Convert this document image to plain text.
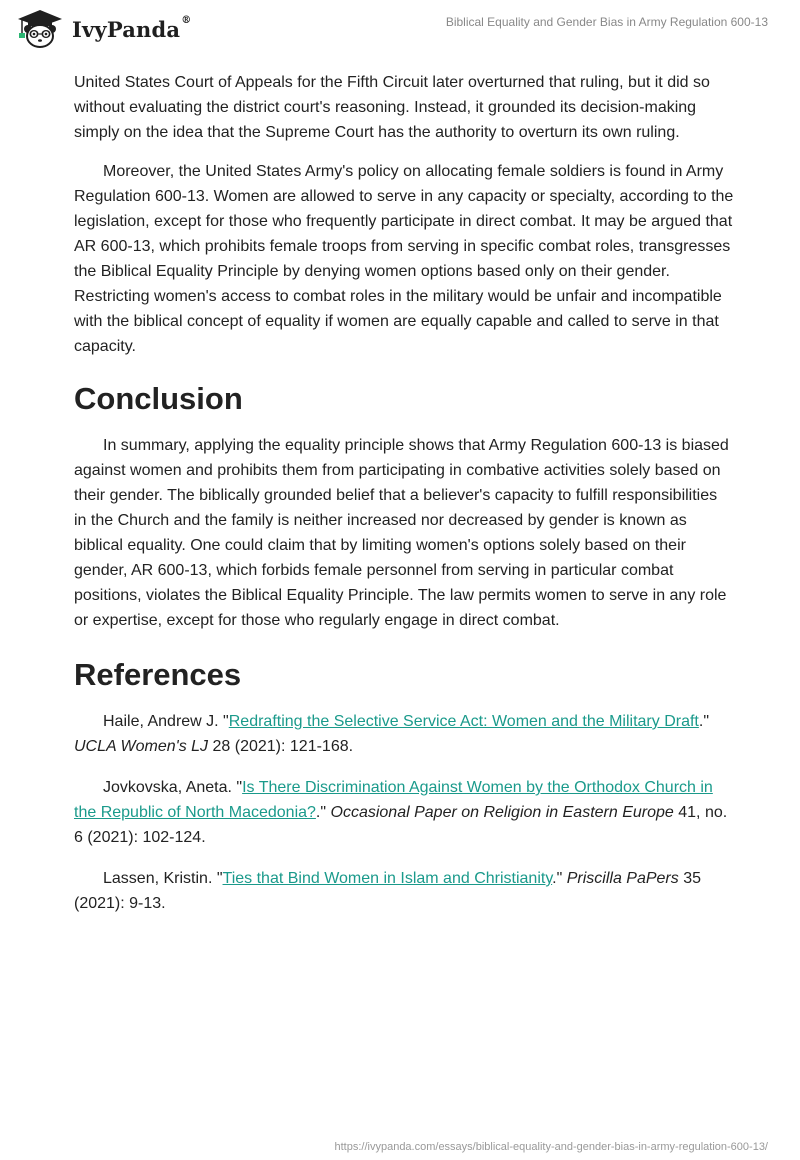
IvyPanda®	Biblical Equality and Gender Bias in Army Regulation 600-13

United States Court of Appeals for the Fifth Circuit later overturned that ruling, but it did so without evaluating the district court's reasoning. Instead, it grounded its decision-making simply on the idea that the Supreme Court has the authority to overturn its own ruling.

Moreover, the United States Army's policy on allocating female soldiers is found in Army Regulation 600-13. Women are allowed to serve in any capacity or specialty, according to the legislation, except for those who frequently participate in direct combat. It may be argued that AR 600-13, which prohibits female troops from serving in specific combat roles, transgresses the Biblical Equality Principle by denying women options based only on their gender. Restricting women's access to combat roles in the military would be unfair and incompatible with the biblical concept of equality if women are equally capable and called to serve in that capacity.

Conclusion

In summary, applying the equality principle shows that Army Regulation 600-13 is biased against women and prohibits them from participating in combative activities solely based on their gender. The biblically grounded belief that a believer's capacity to fulfill responsibilities in the Church and the family is neither increased nor decreased by gender is known as biblical equality. One could claim that by limiting women's options solely based on their gender, AR 600-13, which forbids female personnel from serving in particular combat positions, violates the Biblical Equality Principle. The law permits women to serve in any role or expertise, except for those who regularly engage in direct combat.

References

Haile, Andrew J. "Redrafting the Selective Service Act: Women and the Military Draft." UCLA Women's LJ 28 (2021): 121-168.

Jovkovska, Aneta. "Is There Discrimination Against Women by the Orthodox Church in the Republic of North Macedonia?." Occasional Paper on Religion in Eastern Europe 41, no. 6 (2021): 102-124.

Lassen, Kristin. "Ties that Bind Women in Islam and Christianity." Priscilla PaPers 35 (2021): 9-13.

https://ivypanda.com/essays/biblical-equality-and-gender-bias-in-army-regulation-600-13/
